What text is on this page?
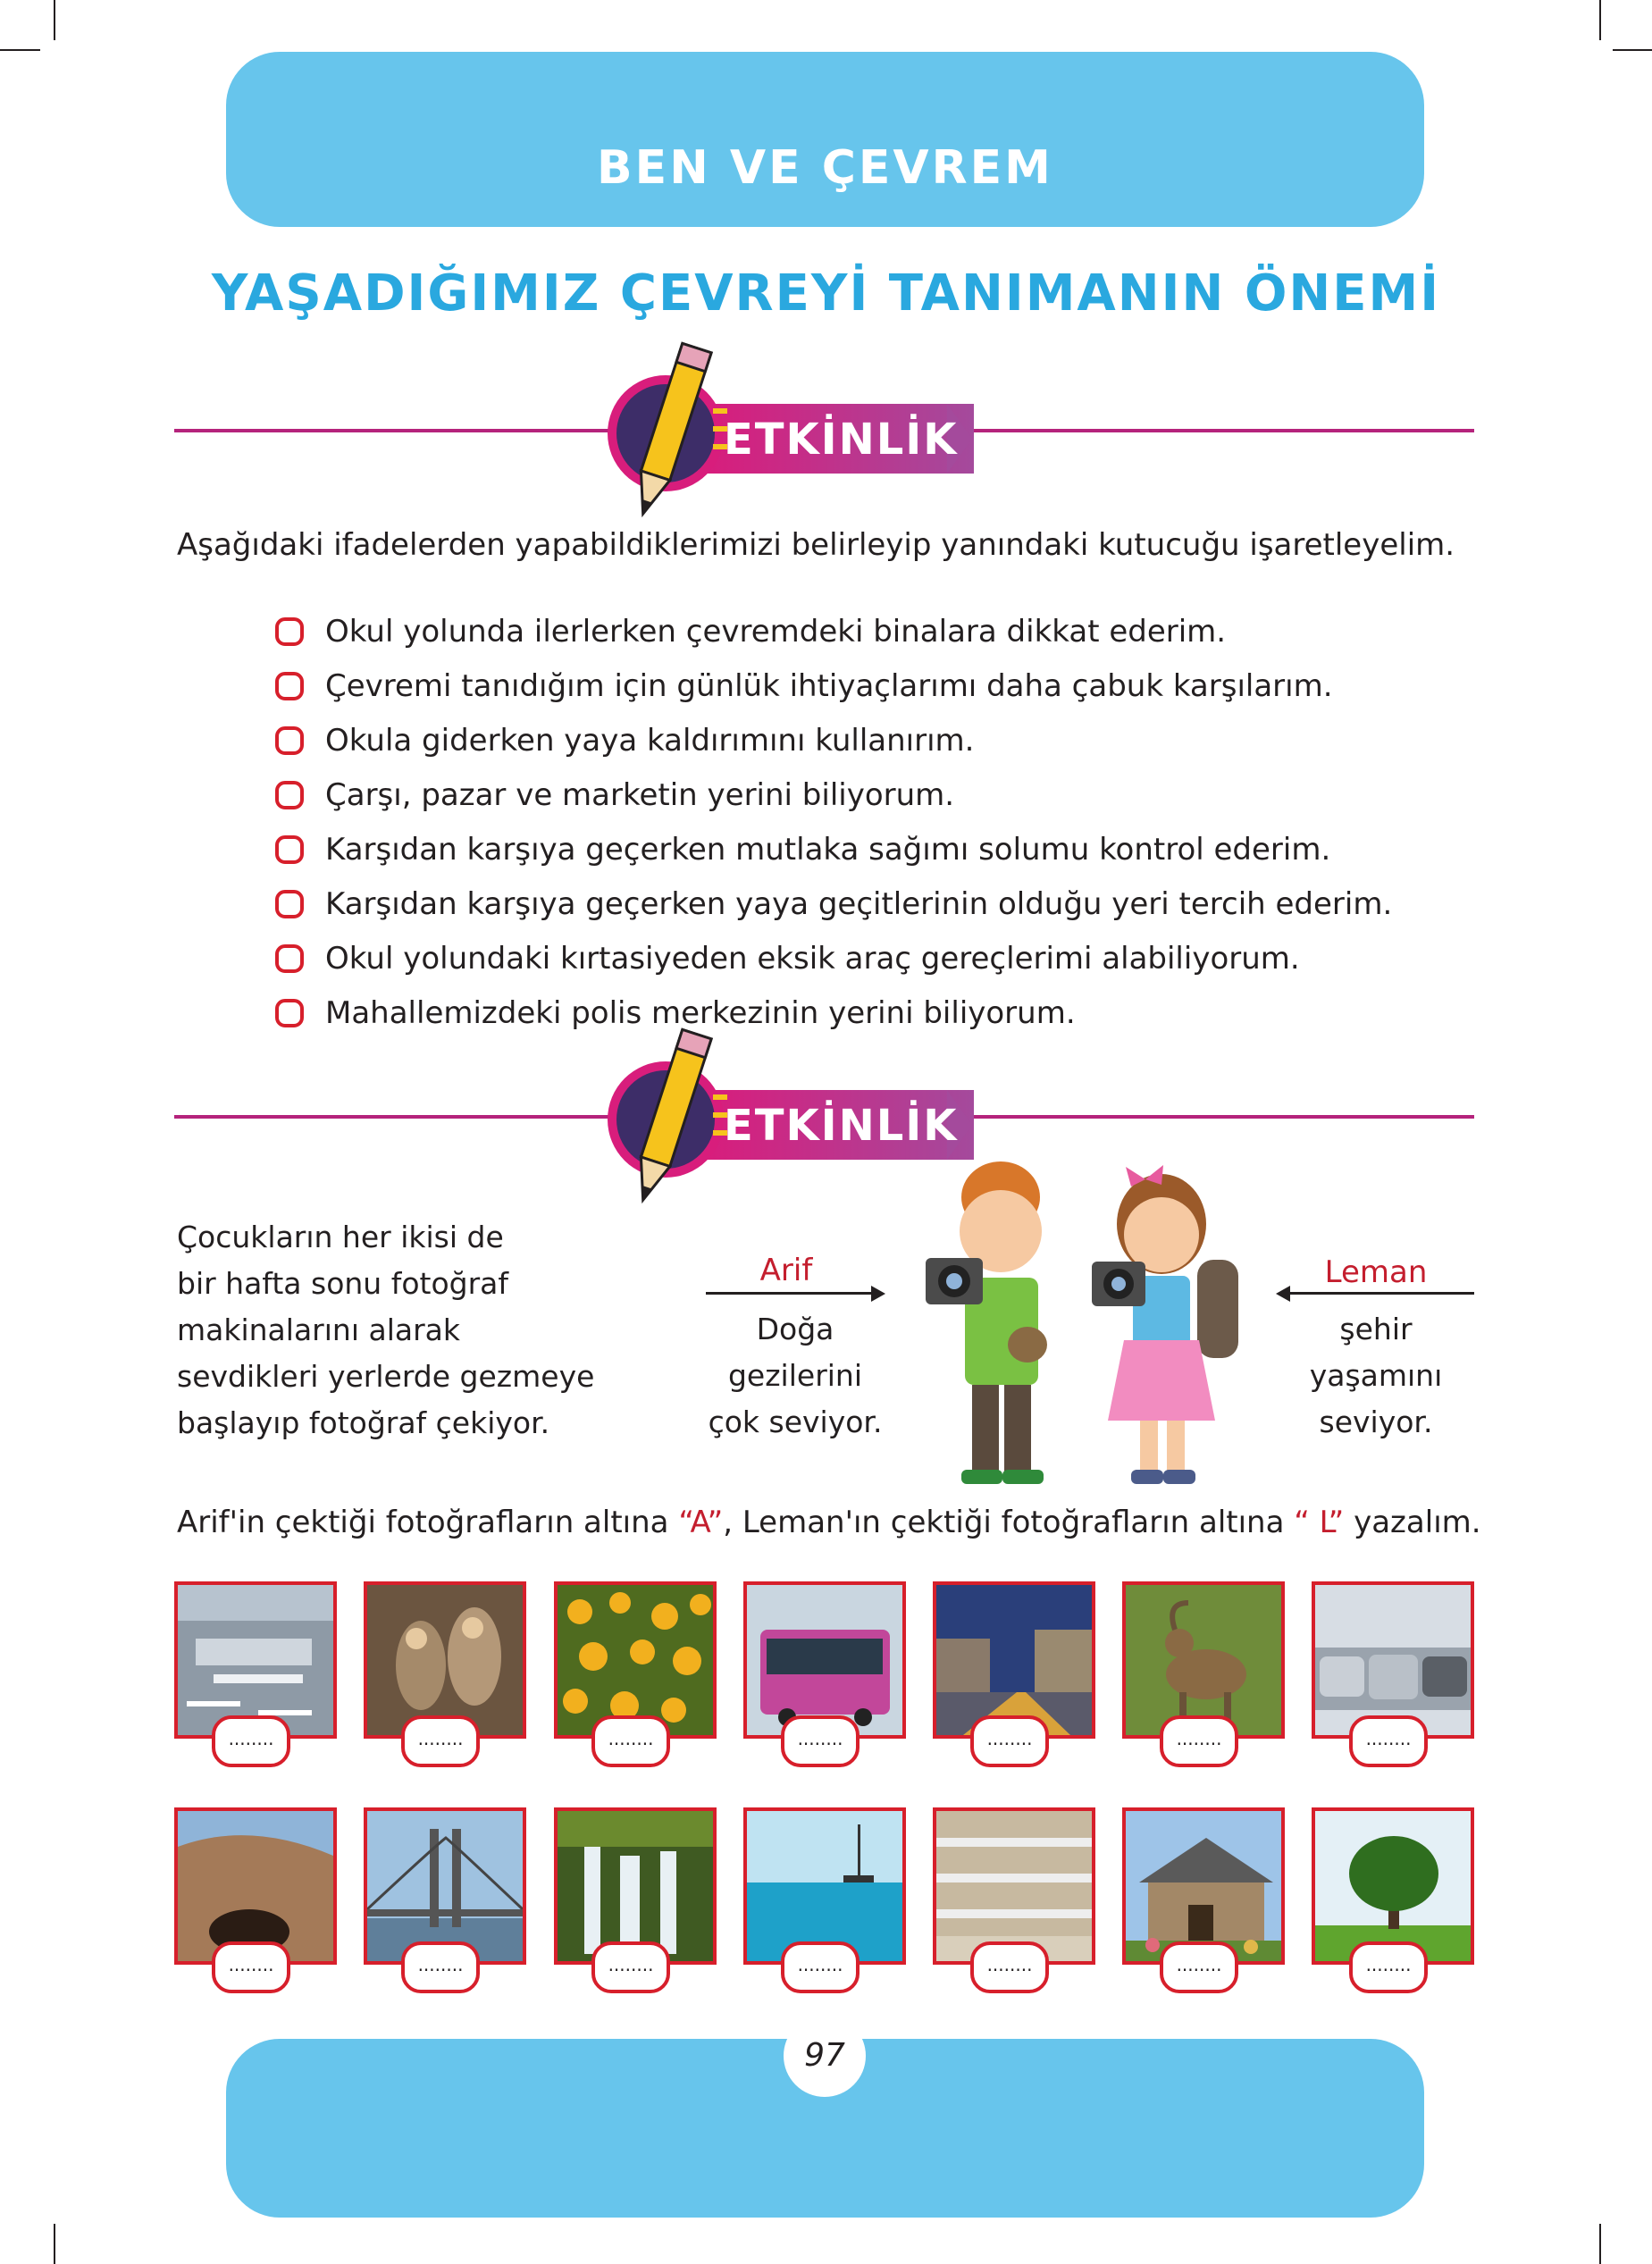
BEN VE ÇEVREM
YAŞADIĞIMIZ ÇEVREYİ TANIMANIN ÖNEMİ
ETKİNLİK
Aşağıdaki ifadelerden yapabildiklerimizi belirleyip yanındaki kutucuğu işaretleyelim.
Okul yolunda ilerlerken çevremdeki binalara dikkat ederim.
Çevremi tanıdığım için günlük ihtiyaçlarımı daha çabuk karşılarım.
Okula giderken yaya kaldırımını kullanırım.
Çarşı, pazar ve marketin yerini biliyorum.
Karşıdan karşıya geçerken mutlaka sağımı solumu kontrol ederim.
Karşıdan karşıya geçerken yaya geçitlerinin olduğu yeri tercih ederim.
Okul yolundaki kırtasiyeden eksik araç gereçlerimi alabiliyorum.
Mahallemizdeki polis merkezinin yerini biliyorum.
ETKİNLİK
Çocukların her ikisi de
bir hafta sonu fotoğraf
makinalarını alarak
sevdikleri yerlerde gezmeye
başlayıp fotoğraf çekiyor.
Arif
Doğa
gezilerini
çok seviyor.
Leman
şehir
yaşamını
seviyor.
Arif'in çektiği fotoğrafların altına “A”, Leman'ın çektiği fotoğrafların altına “ L” yazalım.
........	........	........	........	........	........	........
........	........	........	........	........	........	........
97
